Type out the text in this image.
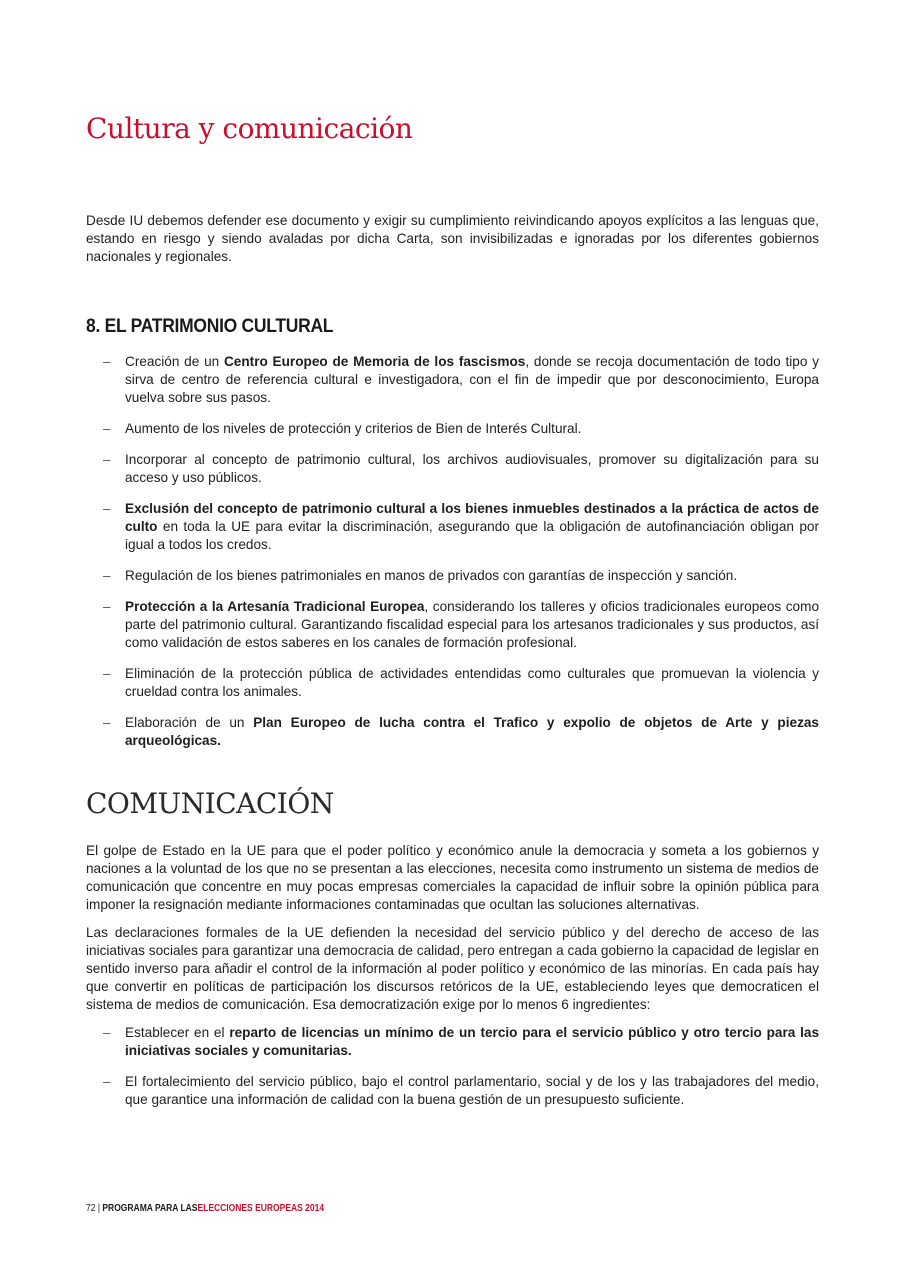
Cultura y comunicación

Desde IU debemos defender ese documento y exigir su cumplimiento reivindicando apoyos explícitos a las lenguas que, estando en riesgo y siendo avaladas por dicha Carta, son invisibilizadas e ignoradas por los diferentes gobiernos nacionales y regionales.

8. EL PATRIMONIO CULTURAL
– Creación de un Centro Europeo de Memoria de los fascismos, donde se recoja documentación de todo tipo y sirva de centro de referencia cultural e investigadora, con el fin de impedir que por desconocimiento, Europa vuelva sobre sus pasos.

– Aumento de los niveles de protección y criterios de Bien de Interés Cultural.

– Incorporar al concepto de patrimonio cultural, los archivos audiovisuales, promover su digitalización para su acceso y uso públicos.

– Exclusión del concepto de patrimonio cultural a los bienes inmuebles destinados a la práctica de actos de culto en toda la UE para evitar la discriminación, asegurando que la obligación de autofinanciación obligan por igual a todos los credos.

– Regulación de los bienes patrimoniales en manos de privados con garantías de inspección y sanción.

– Protección a la Artesanía Tradicional Europea, considerando los talleres y oficios tradicionales europeos como parte del patrimonio cultural. Garantizando fiscalidad especial para los artesanos tradicionales y sus productos, así como validación de estos saberes en los canales de formación profesional.

– Eliminación de la protección pública de actividades entendidas como culturales que promuevan la violencia y crueldad contra los animales.

– Elaboración de un Plan Europeo de lucha contra el Trafico y expolio de objetos de Arte y piezas arqueológicas.

COMUNICACIÓN

El golpe de Estado en la UE para que el poder político y económico anule la democracia y someta a los gobiernos y naciones a la voluntad de los que no se presentan a las elecciones, necesita como instrumento un sistema de medios de comunicación que concentre en muy pocas empresas comerciales la capacidad de influir sobre la opinión pública para imponer la resignación mediante informaciones contaminadas que ocultan las soluciones alternativas.

Las declaraciones formales de la UE defienden la necesidad del servicio público y del derecho de acceso de las iniciativas sociales para garantizar una democracia de calidad, pero entregan a cada gobierno la capacidad de legislar en sentido inverso para añadir el control de la información al poder político y económico de las minorías. En cada país hay que convertir en políticas de participación los discursos retóricos de la UE, estableciendo leyes que democraticen el sistema de medios de comunicación. Esa democratización exige por lo menos 6 ingredientes:

– Establecer en el reparto de licencias un mínimo de un tercio para el servicio público y otro tercio para las iniciativas sociales y comunitarias.

– El fortalecimiento del servicio público, bajo el control parlamentario, social y de los y las trabajadores del medio, que garantice una información de calidad con la buena gestión de un presupuesto suficiente.

72 | PROGRAMA PARA LASELECCIONES EUROPEAS 2014
